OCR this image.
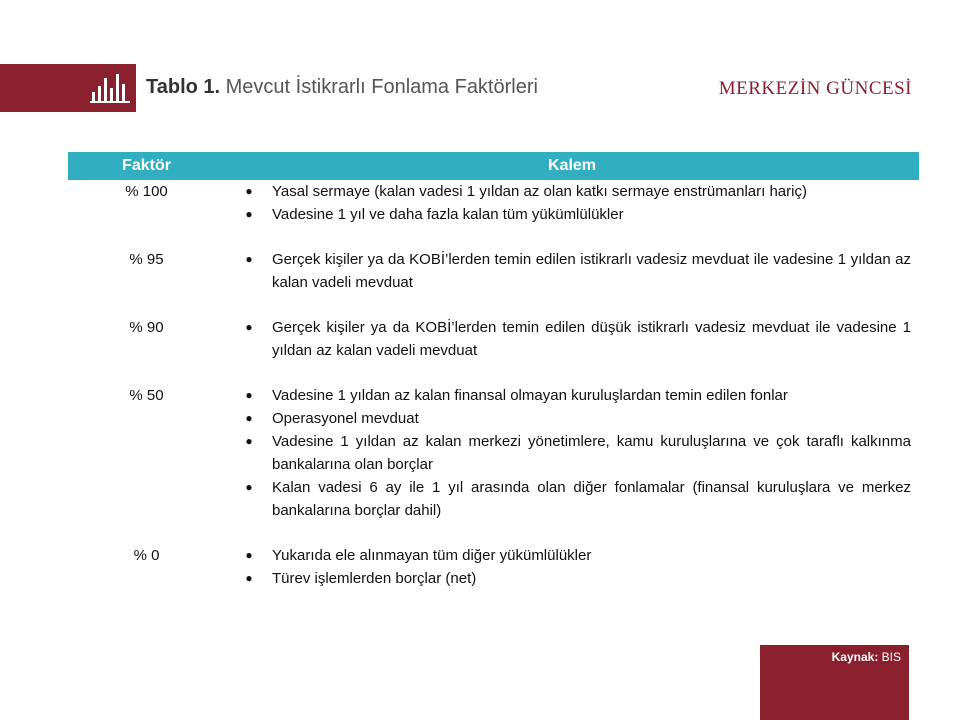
Tablo 1. Mevcut İstikrarlı Fonlama Faktörleri	MERKEZİN GÜNCESİ
Faktör	Kalem
% 100	●	Yasal sermaye (kalan vadesi 1 yıldan az olan katkı sermaye enstrümanları hariç)
●	Vadesine 1 yıl ve daha fazla kalan tüm yükümlülükler
% 95	●	Gerçek kişiler ya da KOBİ’lerden temin edilen istikrarlı vadesiz mevduat ile vadesine 1 yıldan az kalan vadeli mevduat
% 90	●	Gerçek kişiler ya da KOBİ’lerden temin edilen düşük istikrarlı vadesiz mevduat ile vadesine 1 yıldan az kalan vadeli mevduat
% 50	●	Vadesine 1 yıldan az kalan finansal olmayan kuruluşlardan temin edilen fonlar
●	Operasyonel mevduat
●	Vadesine 1 yıldan az kalan merkezi yönetimlere, kamu kuruluşlarına ve çok taraflı kalkınma bankalarına olan borçlar
●	Kalan vadesi 6 ay ile 1 yıl arasında olan diğer fonlamalar (finansal kuruluşlara ve merkez bankalarına borçlar dahil)
% 0	●	Yukarıda ele alınmayan tüm diğer yükümlülükler
●	Türev işlemlerden borçlar (net)
Kaynak: BIS
